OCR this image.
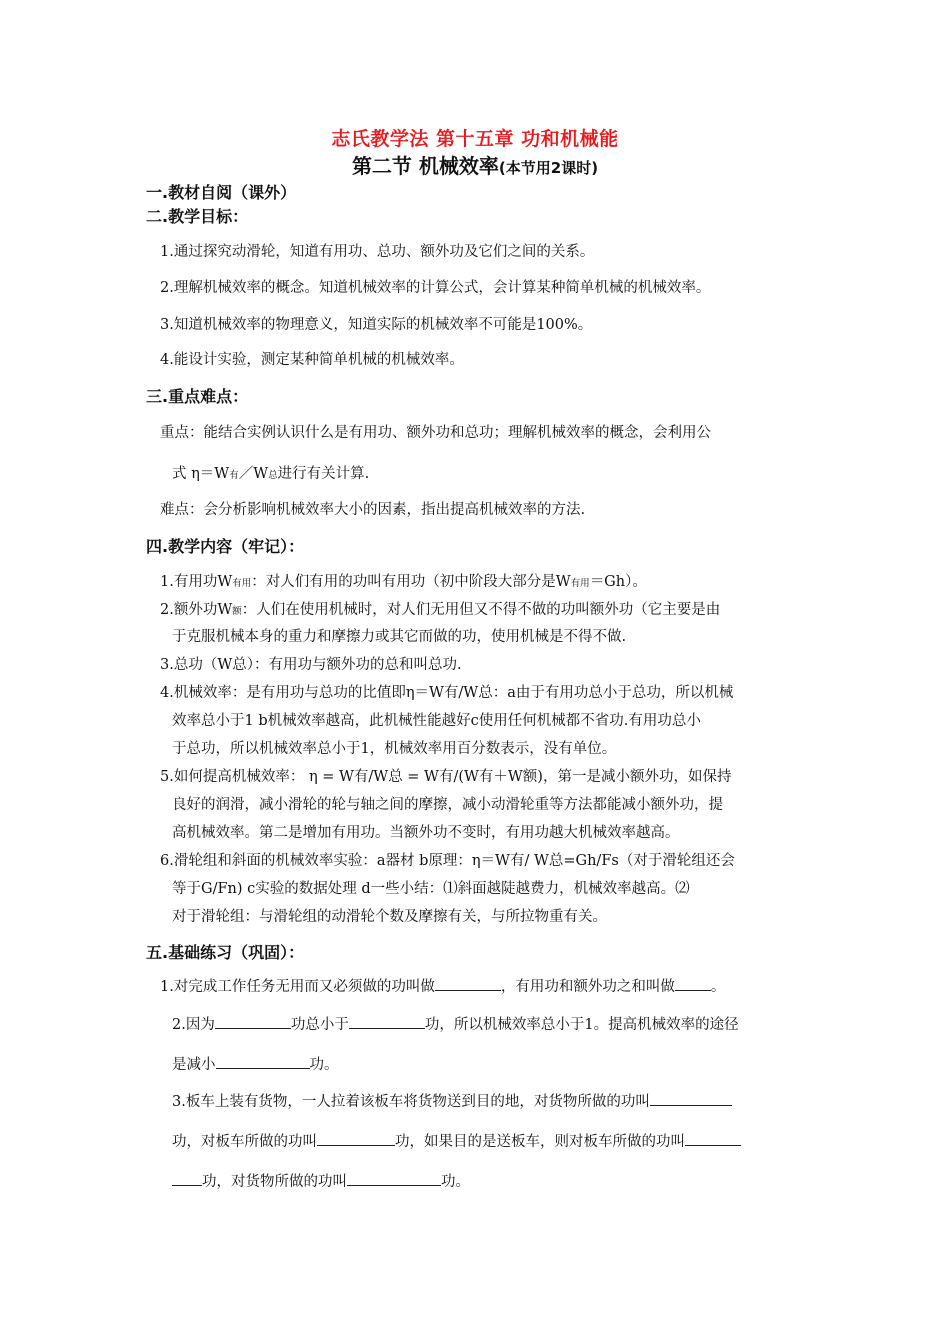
志氏教学法 第十五章 功和机械能
第二节 机械效率(本节用2课时)
一.教材自阅（课外）
二.教学目标：
1.通过探究动滑轮，知道有用功、总功、额外功及它们之间的关系。
2.理解机械效率的概念。知道机械效率的计算公式，会计算某种简单机械的机械效率。
3.知道机械效率的物理意义，知道实际的机械效率不可能是100%。
4.能设计实验，测定某种简单机械的机械效率。
三.重点难点：
重点：能结合实例认识什么是有用功、额外功和总功；理解机械效率的概念，会利用公
式 η＝W有／W总进行有关计算.
难点：会分析影响机械效率大小的因素，指出提高机械效率的方法.
四.教学内容（牢记）：
1.有用功W有用：对人们有用的功叫有用功（初中阶段大部分是W有用＝Gh）。
2.额外功W额：人们在使用机械时，对人们无用但又不得不做的功叫额外功（它主要是由
于克服机械本身的重力和摩擦力或其它而做的功，使用机械是不得不做.
3.总功（W总）：有用功与额外功的总和叫总功.
4.机械效率：是有用功与总功的比值即η＝W有/W总：a由于有用功总小于总功，所以机械
效率总小于1 b机械效率越高，此机械性能越好c使用任何机械都不省功.有用功总小
于总功，所以机械效率总小于1，机械效率用百分数表示，没有单位。
5.如何提高机械效率： η = W有/W总 = W有/(W有＋W额)，第一是减小额外功，如保持
良好的润滑，减小滑轮的轮与轴之间的摩擦，减小动滑轮重等方法都能减小额外功，提
高机械效率。第二是增加有用功。当额外功不变时，有用功越大机械效率越高。
6.滑轮组和斜面的机械效率实验：a器材 b原理：η＝W有/ W总=Gh/Fs（对于滑轮组还会
等于G/Fn) c实验的数据处理 d一些小结：⑴斜面越陡越费力，机械效率越高。⑵
对于滑轮组：与滑轮组的动滑轮个数及摩擦有关，与所拉物重有关。
五.基础练习（巩固）：
1.对完成工作任务无用而又必须做的功叫做	，有用功和额外功之和叫做 。
2.因为	功总小于	功，所以机械效率总小于1。提高机械效率的途径
是减小	功。
3.板车上装有货物，一人拉着该板车将货物送到目的地，对货物所做的功叫
功，对板车所做的功叫	功，如果目的是送板车，则对板车所做的功叫
功，对货物所做的功叫	功。
